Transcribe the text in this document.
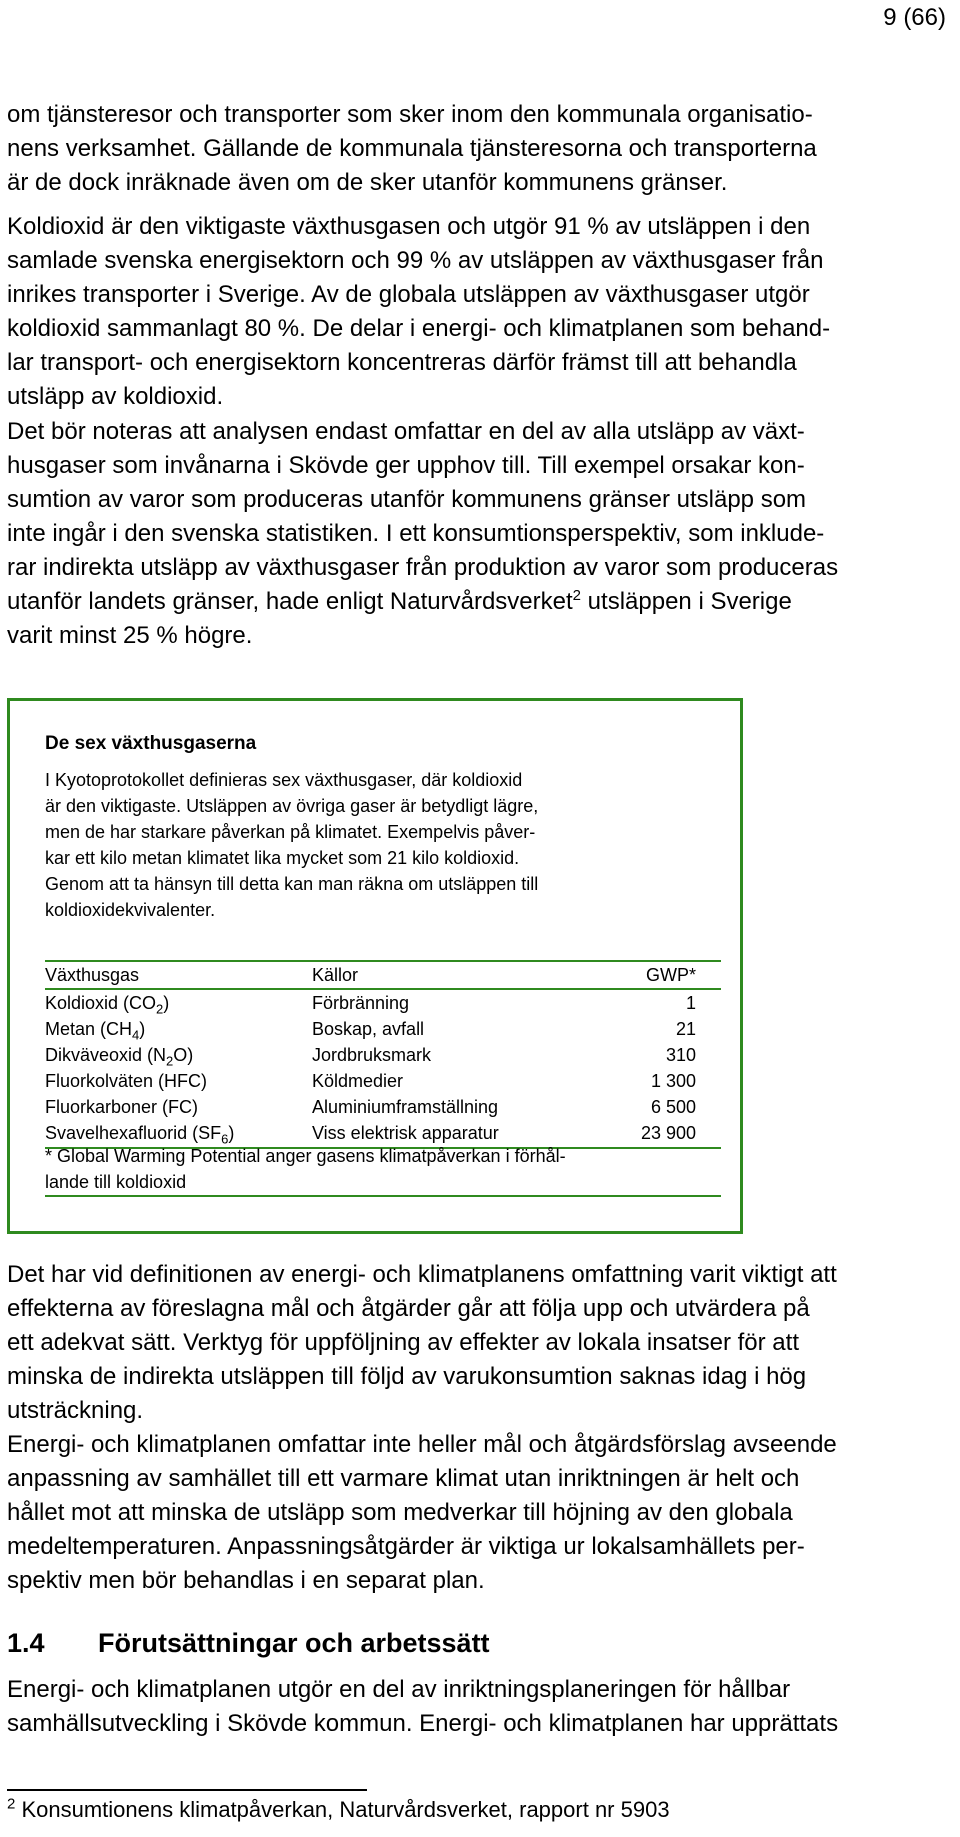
9 (66)

om tjänsteresor och transporter som sker inom den kommunala organisatio-
nens verksamhet. Gällande de kommunala tjänsteresorna och transporterna
är de dock inräknade även om de sker utanför kommunens gränser.

Koldioxid är den viktigaste växthusgasen och utgör 91 % av utsläppen i den
samlade svenska energisektorn och 99 % av utsläppen av växthusgaser från
inrikes transporter i Sverige. Av de globala utsläppen av växthusgaser utgör
koldioxid sammanlagt 80 %. De delar i energi- och klimatplanen som behand-
lar transport- och energisektorn koncentreras därför främst till att behandla
utsläpp av koldioxid.

Det bör noteras att analysen endast omfattar en del av alla utsläpp av växt-
husgaser som invånarna i Skövde ger upphov till. Till exempel orsakar kon-
sumtion av varor som produceras utanför kommunens gränser utsläpp som
inte ingår i den svenska statistiken. I ett konsumtionsperspektiv, som inklude-
rar indirekta utsläpp av växthusgaser från produktion av varor som produceras
utanför landets gränser, hade enligt Naturvårdsverket$^2$ utsläppen i Sverige
varit minst 25 % högre.

De sex växthusgaserna

I Kyotoprotokollet definieras sex växthusgaser, där koldioxid
är den viktigaste. Utsläppen av övriga gaser är betydligt lägre,
men de har starkare påverkan på klimatet. Exempelvis påver-
kar ett kilo metan klimatet lika mycket som 21 kilo koldioxid.
Genom att ta hänsyn till detta kan man räkna om utsläppen till
koldioxidekvivalenter.

Växthusgas	Källor	GWP*
Koldioxid $(CO_2)$	Förbränning	1
Metan $(CH_4)$	Boskap, avfall	21
Dikväveoxid $(N_2O)$	Jordbruksmark	310
Fluorkolväten (HFC)	Köldmedier	1 300
Fluorkarboner (FC)	Aluminiumframställning	6 500
Svavelhexafluorid $(SF_6)$	Viss elektrisk apparatur	23 900
* Global Warming Potential anger gasens klimatpåverkan i förhål-
lande till koldioxid

Det har vid definitionen av energi- och klimatplanens omfattning varit viktigt att
effekterna av föreslagna mål och åtgärder går att följa upp och utvärdera på
ett adekvat sätt. Verktyg för uppföljning av effekter av lokala insatser för att
minska de indirekta utsläppen till följd av varukonsumtion saknas idag i hög
utsträckning.

Energi- och klimatplanen omfattar inte heller mål och åtgärdsförslag avseende
anpassning av samhället till ett varmare klimat utan inriktningen är helt och
hållet mot att minska de utsläpp som medverkar till höjning av den globala
medeltemperaturen. Anpassningsåtgärder är viktiga ur lokalsamhällets per-
spektiv men bör behandlas i en separat plan.

1.4 Förutsättningar och arbetssätt

Energi- och klimatplanen utgör en del av inriktningsplaneringen för hållbar
samhällsutveckling i Skövde kommun. Energi- och klimatplanen har upprättats

$^2$ Konsumtionens klimatpåverkan, Naturvårdsverket, rapport nr 5903
